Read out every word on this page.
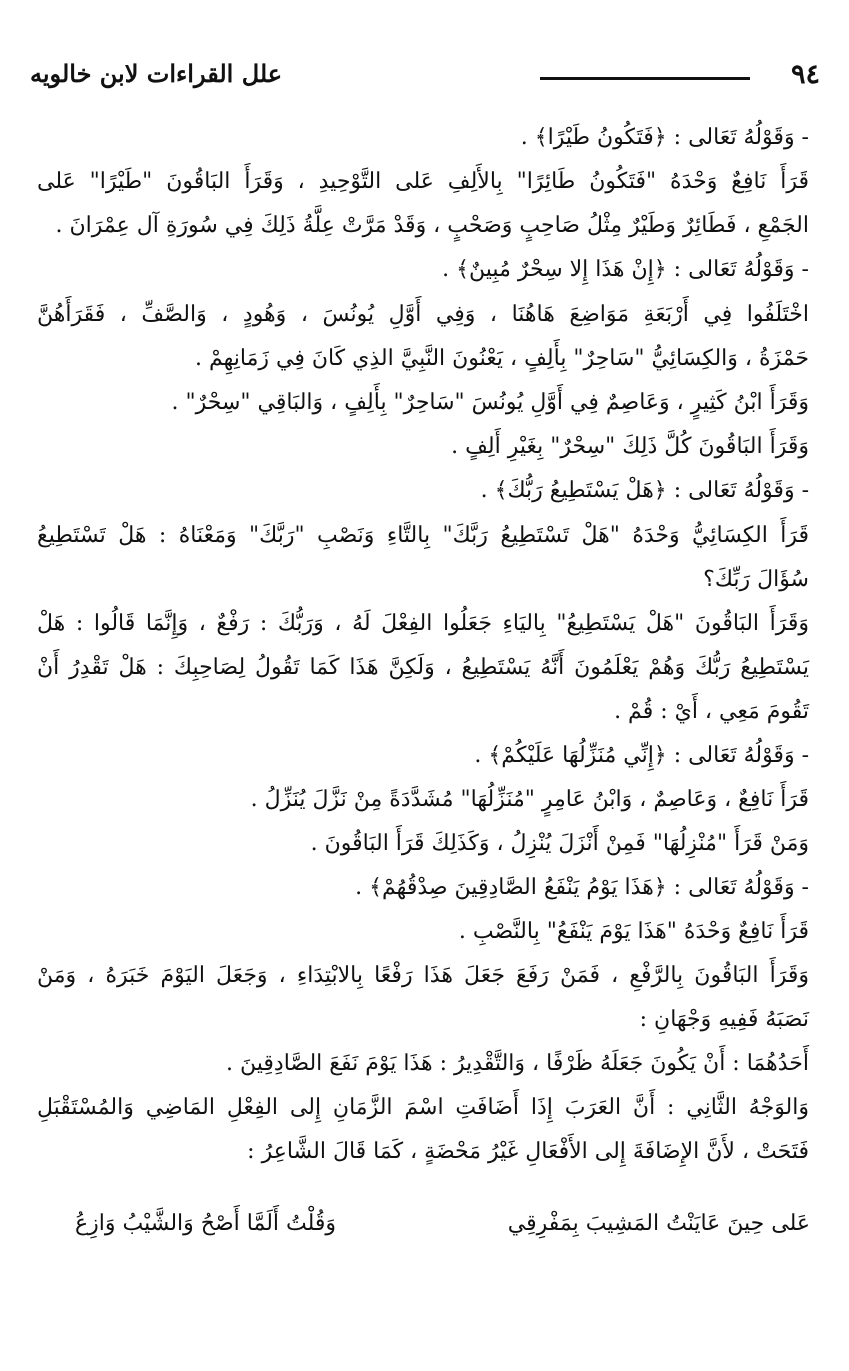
٩٤
علل القراءات لابن خالويه
- وَقَوْلُهُ تَعَالى : ﴿فَتَكُونُ طَيْرًا﴾ .
قَرَأَ نَافِعٌ وَحْدَهُ "فَتَكُونُ طَائِرًا" بِالأَلِفِ عَلى التَّوْحِيدِ ، وَقَرَأَ البَاقُونَ "طَيْرًا" عَلى
الجَمْعِ ، فَطَائِرٌ وَطَيْرٌ مِثْلُ صَاحِبٍ وَصَحْبٍ ، وَقَدْ مَرَّتْ عِلَّةُ ذَلِكَ فِي سُورَةِ آل عِمْرَانَ .
- وَقَوْلُهُ تَعَالى : ﴿إِنْ هَذَا إِلا سِحْرٌ مُبِينٌ﴾ .
اخْتَلَفُوا فِي أَرْبَعَةِ مَوَاضِعَ هَاهُنَا ، وَفِي أَوَّلِ يُونُسَ ، وَهُودٍ ، وَالصَّفِّ ، فَقَرَأَهُنَّ
حَمْزَةُ ، وَالكِسَائِيُّ "سَاحِرٌ" بِأَلِفٍ ، يَعْنُونَ النَّبِيَّ الذِي كَانَ فِي زَمَانِهِمْ .
وَقَرَأَ ابْنُ كَثِيرٍ ، وَعَاصِمٌ فِي أَوَّلِ يُونُسَ "سَاحِرٌ" بِأَلِفٍ ، وَالبَاقِي "سِحْرٌ" .
وَقَرَأَ البَاقُونَ كُلَّ ذَلِكَ "سِحْرٌ" بِغَيْرِ أَلِفٍ .
- وَقَوْلُهُ تَعَالى : ﴿هَلْ يَسْتَطِيعُ رَبُّكَ﴾ .
قَرَأَ الكِسَائِيُّ وَحْدَهُ "هَلْ تَسْتَطِيعُ رَبَّكَ" بِالتَّاءِ وَنَصْبِ "رَبَّكَ" وَمَعْنَاهُ : هَلْ تَسْتَطِيعُ
سُؤَالَ رَبِّكَ؟
وَقَرَأَ البَاقُونَ "هَلْ يَسْتَطِيعُ" بِاليَاءِ جَعَلُوا الفِعْلَ لَهُ ، وَرَبُّكَ : رَفْعٌ ، وَإِنَّمَا قَالُوا : هَلْ
يَسْتَطِيعُ رَبُّكَ وَهُمْ يَعْلَمُونَ أَنَّهُ يَسْتَطِيعُ ، وَلَكِنَّ هَذَا كَمَا تَقُولُ لِصَاحِبِكَ : هَلْ تَقْدِرُ أَنْ
تَقُومَ مَعِي ، أَيْ : قُمْ .
- وَقَوْلُهُ تَعَالى : ﴿إِنِّي مُنَزِّلُهَا عَلَيْكُمْ﴾ .
قَرَأَ نَافِعٌ ، وَعَاصِمٌ ، وَابْنُ عَامِرٍ "مُنَزِّلُهَا" مُشَدَّدَةً مِنْ نَزَّلَ يُنَزِّلُ .
وَمَنْ قَرَأَ "مُنْزِلُهَا" فَمِنْ أَنْزَلَ يُنْزِلُ ، وَكَذَلِكَ قَرَأَ البَاقُونَ .
- وَقَوْلُهُ تَعَالى : ﴿هَذَا يَوْمُ يَنْفَعُ الصَّادِقِينَ صِدْقُهُمْ﴾ .
قَرَأَ نَافِعٌ وَحْدَهُ "هَذَا يَوْمَ يَنْفَعُ" بِالنَّصْبِ .
وَقَرَأَ البَاقُونَ بِالرَّفْعِ ، فَمَنْ رَفَعَ جَعَلَ هَذَا رَفْعًا بِالابْتِدَاءِ ، وَجَعَلَ اليَوْمَ خَبَرَهُ ، وَمَنْ
نَصَبَهُ فَفِيهِ وَجْهَانِ :
أَحَدُهُمَا : أَنْ يَكُونَ جَعَلَهُ ظَرْفًا ، وَالتَّقْدِيرُ : هَذَا يَوْمَ نَفَعَ الصَّادِقِينَ .
وَالوَجْهُ الثَّانِي : أَنَّ العَرَبَ إِذَا أَضَافَتِ اسْمَ الزَّمَانِ إِلى الفِعْلِ المَاضِي وَالمُسْتَقْبَلِ
فَتَحَتْ ، لأَنَّ الإِضَافَةَ إِلى الأَفْعَالِ غَيْرُ مَحْضَةٍ ، كَمَا قَالَ الشَّاعِرُ :
عَلى حِينَ عَايَنْتُ المَشِيبَ بِمَفْرِقِي
وَقُلْتُ أَلَمَّا أَصْحُ وَالشَّيْبُ وَازِعُ
